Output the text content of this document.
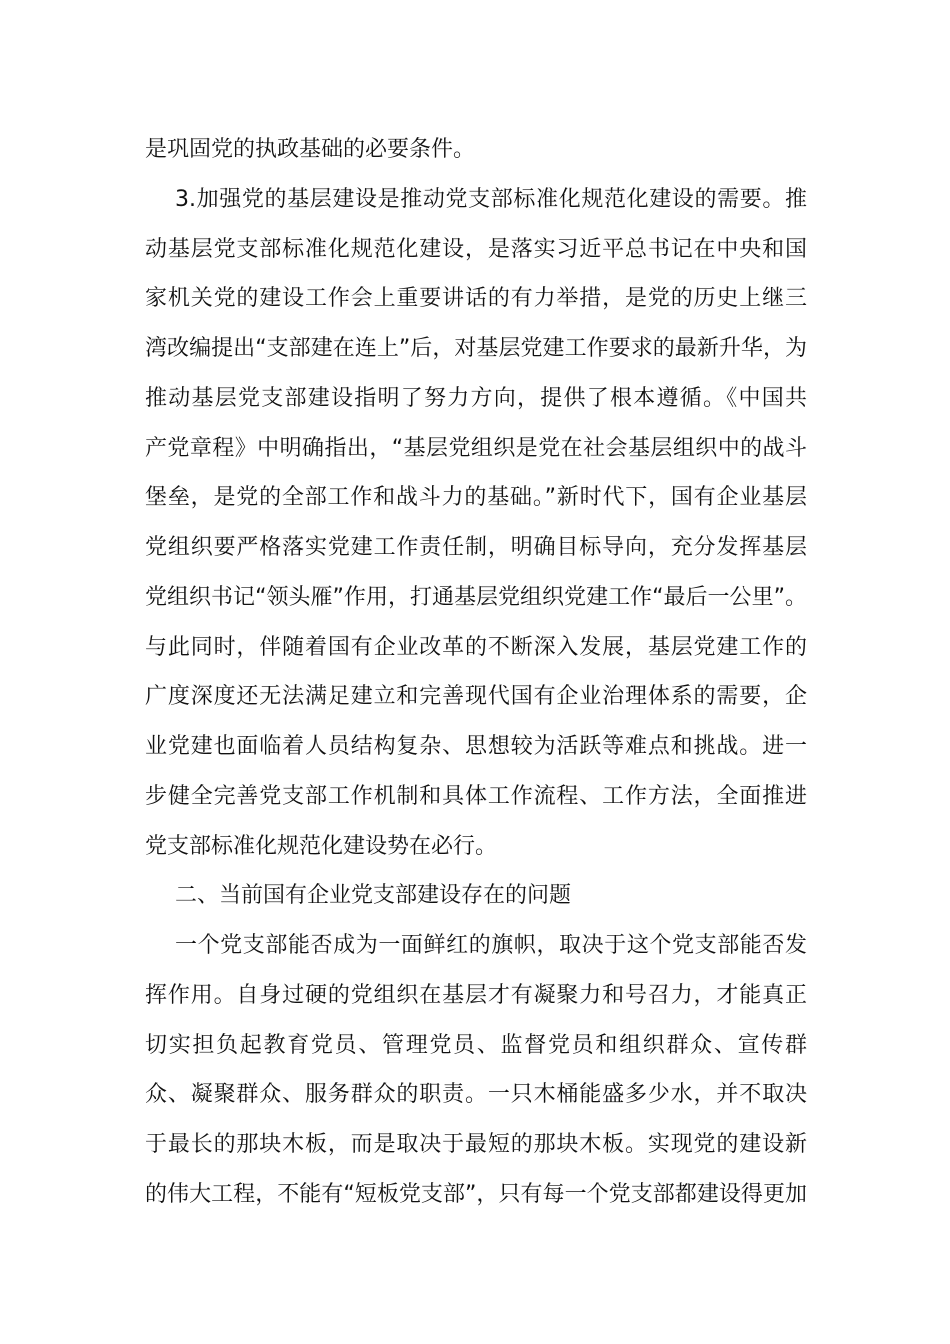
是巩固党的执政基础的必要条件。
3.加强党的基层建设是推动党支部标准化规范化建设的需要。推
动基层党支部标准化规范化建设，是落实习近平总书记在中央和国
家机关党的建设工作会上重要讲话的有力举措，是党的历史上继三
湾改编提出“支部建在连上”后，对基层党建工作要求的最新升华，为
推动基层党支部建设指明了努力方向，提供了根本遵循。《中国共
产党章程》中明确指出，“基层党组织是党在社会基层组织中的战斗
堡垒，是党的全部工作和战斗力的基础。”新时代下，国有企业基层
党组织要严格落实党建工作责任制，明确目标导向，充分发挥基层
党组织书记“领头雁”作用，打通基层党组织党建工作“最后一公里”。
与此同时，伴随着国有企业改革的不断深入发展，基层党建工作的
广度深度还无法满足建立和完善现代国有企业治理体系的需要，企
业党建也面临着人员结构复杂、思想较为活跃等难点和挑战。进一
步健全完善党支部工作机制和具体工作流程、工作方法，全面推进
党支部标准化规范化建设势在必行。
二、当前国有企业党支部建设存在的问题
一个党支部能否成为一面鲜红的旗帜，取决于这个党支部能否发
挥作用。自身过硬的党组织在基层才有凝聚力和号召力，才能真正
切实担负起教育党员、管理党员、监督党员和组织群众、宣传群
众、凝聚群众、服务群众的职责。一只木桶能盛多少水，并不取决
于最长的那块木板，而是取决于最短的那块木板。实现党的建设新
的伟大工程，不能有“短板党支部”，只有每一个党支部都建设得更加
